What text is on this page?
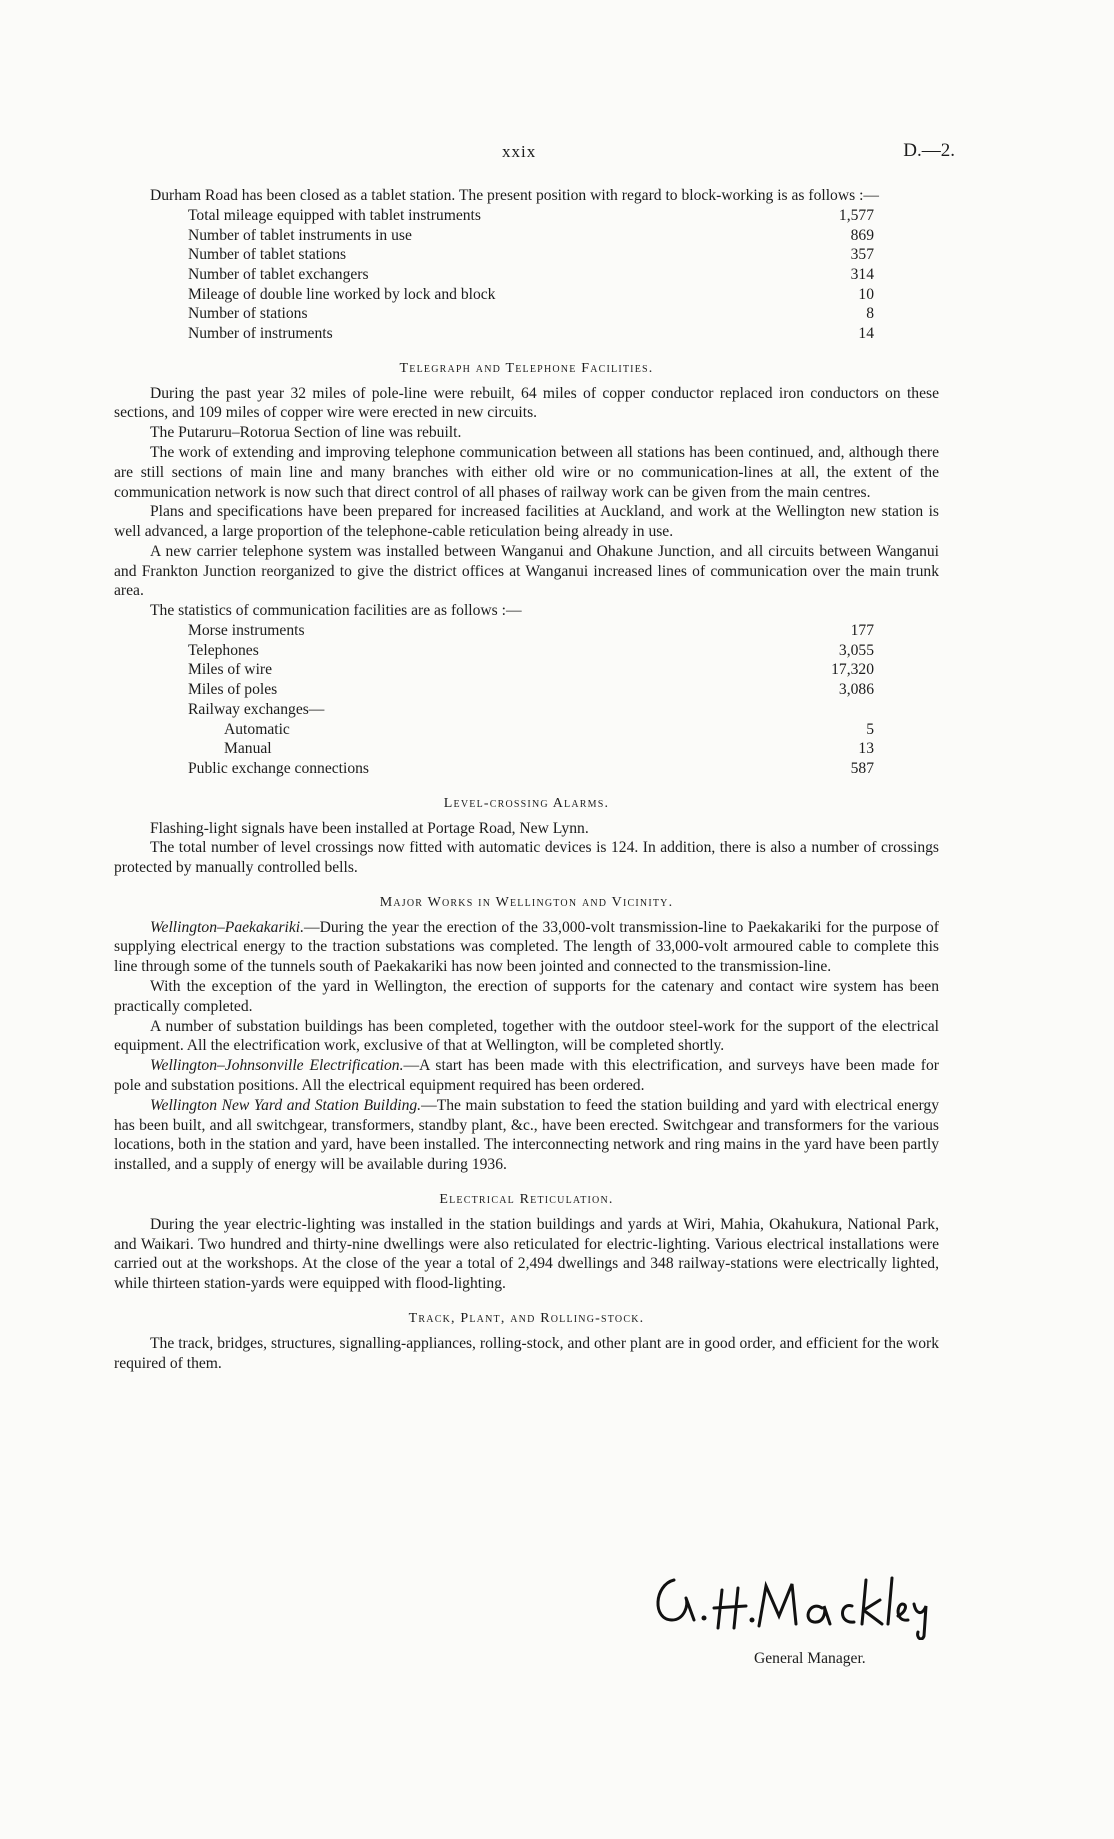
xxix	D.—2.

Durham Road has been closed as a tablet station. The present position with regard to block-working is as follows :—

Total mileage equipped with tablet instruments	1,577
Number of tablet instruments in use	869
Number of tablet stations	357
Number of tablet exchangers	314
Mileage of double line worked by lock and block	10
Number of stations	8
Number of instruments	14
Telegraph and Telephone Facilities.

During the past year 32 miles of pole-line were rebuilt, 64 miles of copper conductor replaced iron conductors on these sections, and 109 miles of copper wire were erected in new circuits.

The Putaruru–Rotorua Section of line was rebuilt.

The work of extending and improving telephone communication between all stations has been continued, and, although there are still sections of main line and many branches with either old wire or no communication-lines at all, the extent of the communication network is now such that direct control of all phases of railway work can be given from the main centres.

Plans and specifications have been prepared for increased facilities at Auckland, and work at the Wellington new station is well advanced, a large proportion of the telephone-cable reticulation being already in use.

A new carrier telephone system was installed between Wanganui and Ohakune Junction, and all circuits between Wanganui and Frankton Junction reorganized to give the district offices at Wanganui increased lines of communication over the main trunk area.

The statistics of communication facilities are as follows :—

Morse instruments	177
Telephones	3,055
Miles of wire	17,320
Miles of poles	3,086
Railway exchanges—	
Automatic	5
Manual	13
Public exchange connections	587
Level-crossing Alarms.

Flashing-light signals have been installed at Portage Road, New Lynn.

The total number of level crossings now fitted with automatic devices is 124. In addition, there is also a number of crossings protected by manually controlled bells.

Major Works in Wellington and Vicinity.

Wellington–Paekakariki.—During the year the erection of the 33,000-volt transmission-line to Paekakariki for the purpose of supplying electrical energy to the traction substations was completed. The length of 33,000-volt armoured cable to complete this line through some of the tunnels south of Paekakariki has now been jointed and connected to the transmission-line.

With the exception of the yard in Wellington, the erection of supports for the catenary and contact wire system has been practically completed.

A number of substation buildings has been completed, together with the outdoor steel-work for the support of the electrical equipment. All the electrification work, exclusive of that at Wellington, will be completed shortly.

Wellington–Johnsonville Electrification.—A start has been made with this electrification, and surveys have been made for pole and substation positions. All the electrical equipment required has been ordered.

Wellington New Yard and Station Building.—The main substation to feed the station building and yard with electrical energy has been built, and all switchgear, transformers, standby plant, &c., have been erected. Switchgear and transformers for the various locations, both in the station and yard, have been installed. The interconnecting network and ring mains in the yard have been partly installed, and a supply of energy will be available during 1936.

Electrical Reticulation.

During the year electric-lighting was installed in the station buildings and yards at Wiri, Mahia, Okahukura, National Park, and Waikari. Two hundred and thirty-nine dwellings were also reticulated for electric-lighting. Various electrical installations were carried out at the workshops. At the close of the year a total of 2,494 dwellings and 348 railway-stations were electrically lighted, while thirteen station-yards were equipped with flood-lighting.

Track, Plant, and Rolling-stock.

The track, bridges, structures, signalling-appliances, rolling-stock, and other plant are in good order, and efficient for the work required of them.

General Manager.
